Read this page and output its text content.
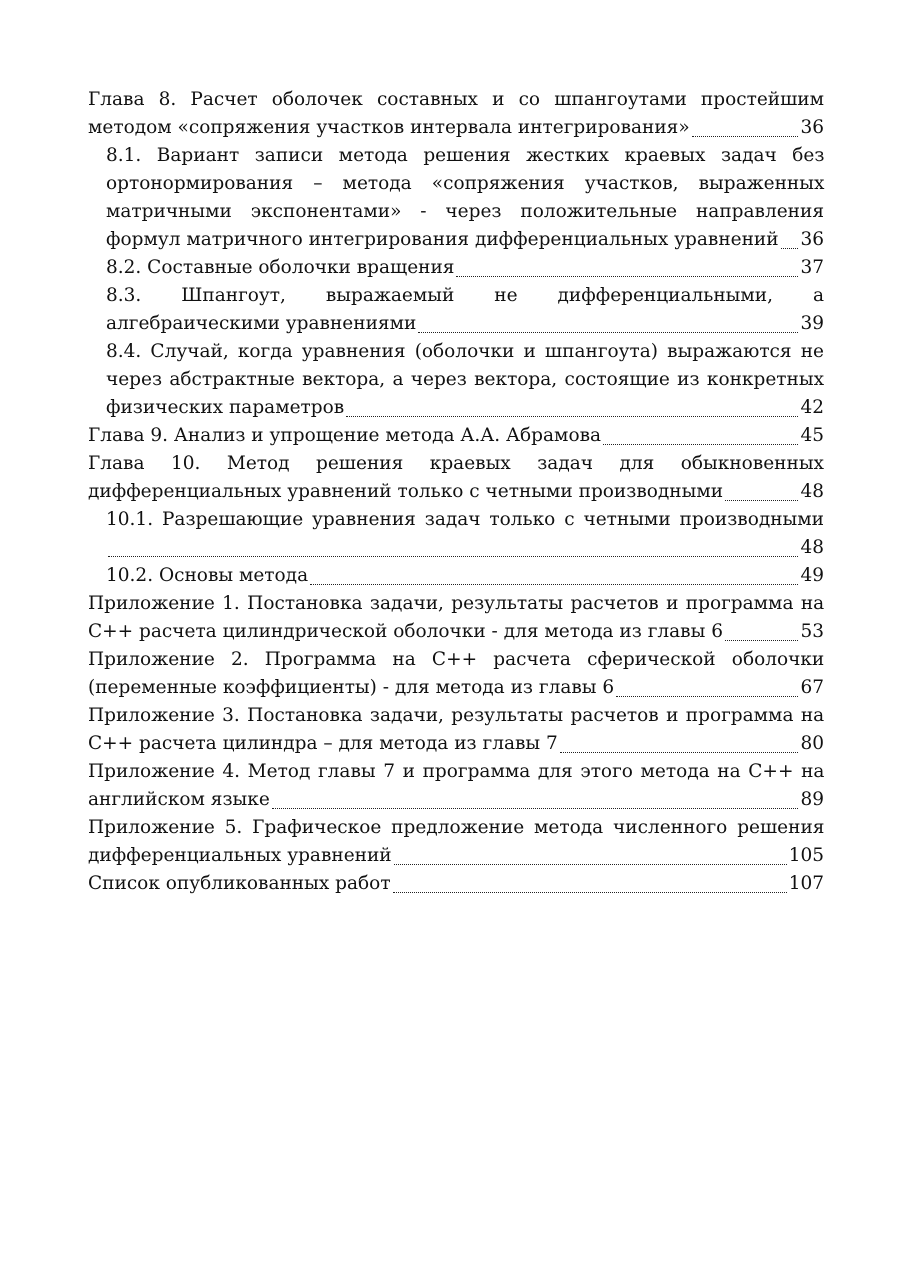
Глава 8. Расчет оболочек составных и со шпангоутами простейшим
методом «сопряжения участков интервала интегрирования»	36
8.1. Вариант записи метода решения жестких краевых задач без
ортонормирования – метода «сопряжения участков, выраженных
матричными экспонентами» - через положительные направления
формул матричного интегрирования дифференциальных уравнений 36
8.2. Составные оболочки вращения	37
8.3. Шпангоут, выражаемый не дифференциальными, а
алгебраическими уравнениями	39
8.4. Случай, когда уравнения (оболочки и шпангоута) выражаются не
через абстрактные вектора, а через вектора, состоящие из конкретных
физических параметров	42
Глава 9. Анализ и упрощение метода А.А. Абрамова	45
Глава 10. Метод решения краевых задач для обыкновенных
дифференциальных уравнений только с четными производными	48
10.1. Разрешающие уравнения задач только с четными производными
48
10.2. Основы метода	49
Приложение 1. Постановка задачи, результаты расчетов и программа на
С++ расчета цилиндрической оболочки - для метода из главы 6	53
Приложение 2. Программа на С++ расчета сферической оболочки
(переменные коэффициенты) - для метода из главы 6	67
Приложение 3. Постановка задачи, результаты расчетов и программа на
С++ расчета цилиндра – для метода из главы 7	80
Приложение 4. Метод главы 7 и программа для этого метода на С++ на
английском языке	89
Приложение 5. Графическое предложение метода численного решения
дифференциальных уравнений	105
Список опубликованных работ	107
